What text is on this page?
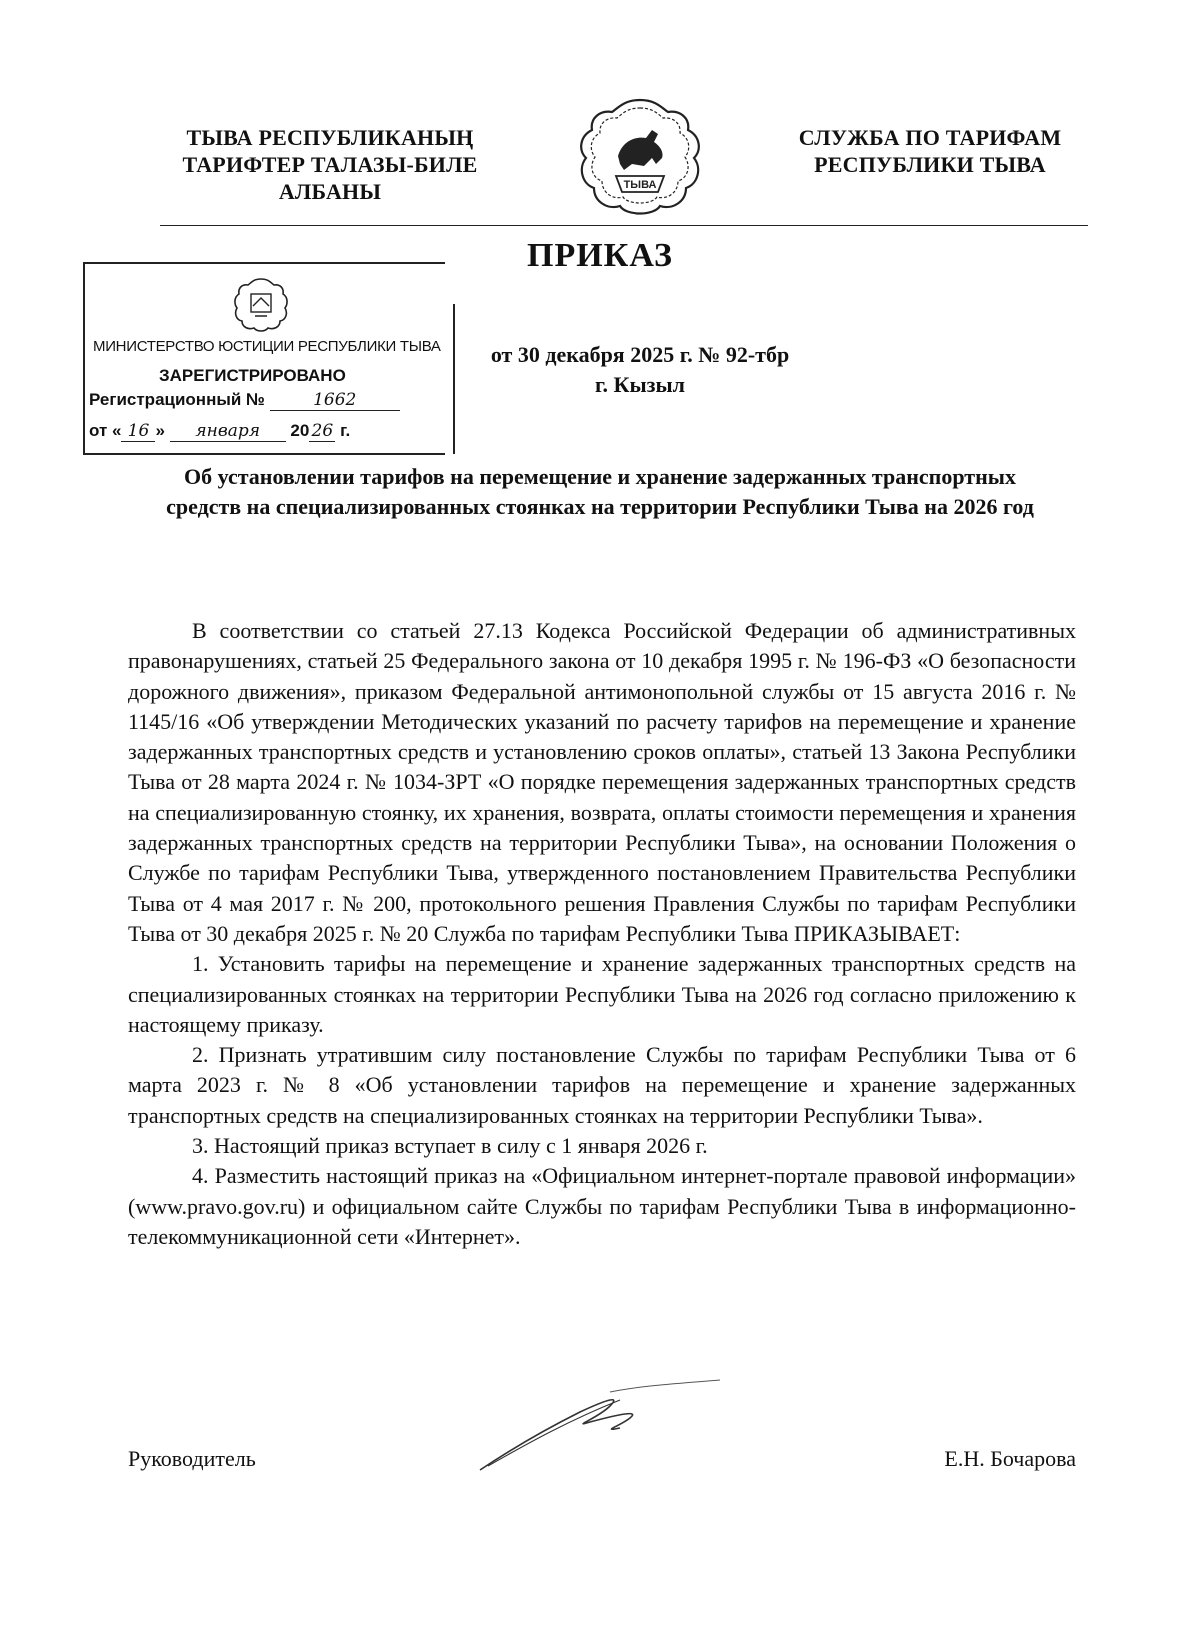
ТЫВА РЕСПУБЛИКАНЫҢ
ТАРИФТЕР ТАЛАЗЫ-БИЛЕ
АЛБАНЫ	ТЫВА
СЛУЖБА ПО ТАРИФАМ
РЕСПУБЛИКИ ТЫВА
ПРИКАЗ
МИНИСТЕРСТВО ЮСТИЦИИ РЕСПУБЛИКИ ТЫВА
ЗАРЕГИСТРИРОВАНО
Регистрационный №	1662
от « 16 » января 20 26 г.
от 30 декабря 2025 г. № 92-тбр
г. Кызыл
Об установлении тарифов на перемещение и хранение задержанных транспортных средств на специализированных стоянках на территории Республики Тыва на 2026 год

В соответствии со статьей 27.13 Кодекса Российской Федерации об административных правонарушениях, статьей 25 Федерального закона от 10 декабря 1995 г. № 196-ФЗ «О безопасности дорожного движения», приказом Федеральной антимонопольной службы от 15 августа 2016 г. № 1145/16 «Об утверждении Методических указаний по расчету тарифов на перемещение и хранение задержанных транспортных средств и установлению сроков оплаты», статьей 13 Закона Республики Тыва от 28 марта 2024 г. № 1034-ЗРТ «О порядке перемещения задержанных транспортных средств на специализированную стоянку, их хранения, возврата, оплаты стоимости перемещения и хранения задержанных транспортных средств на территории Республики Тыва», на основании Положения о Службе по тарифам Республики Тыва, утвержденного постановлением Правительства Республики Тыва от 4 мая 2017 г. № 200, протокольного решения Правления Службы по тарифам Республики Тыва от 30 декабря 2025 г. № 20 Служба по тарифам Республики Тыва ПРИКАЗЫВАЕТ:

1. Установить тарифы на перемещение и хранение задержанных транспортных средств на специализированных стоянках на территории Республики Тыва на 2026 год согласно приложению к настоящему приказу.

2. Признать утратившим силу постановление Службы по тарифам Республики Тыва от 6 марта 2023 г. № 8 «Об установлении тарифов на перемещение и хранение задержанных транспортных средств на специализированных стоянках на территории Республики Тыва».

3. Настоящий приказ вступает в силу с 1 января 2026 г.

4. Разместить настоящий приказ на «Официальном интернет-портале правовой информации» (www.pravo.gov.ru) и официальном сайте Службы по тарифам Республики Тыва в информационно-телекоммуникационной сети «Интернет».

Руководитель	Е.Н. Бочарова
